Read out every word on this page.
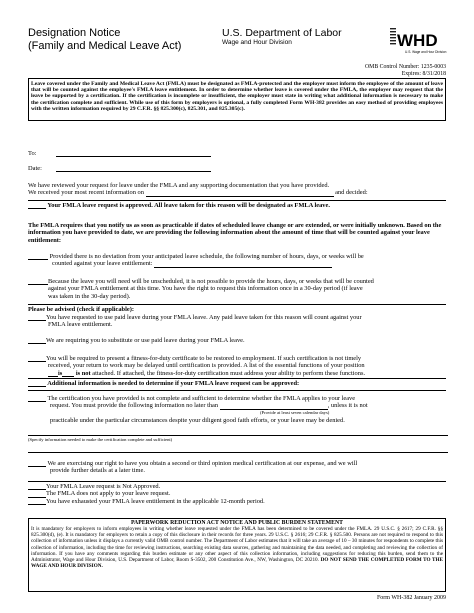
Designation Notice
(Family and Medical Leave Act)
U.S. Department of Labor
Wage and Hour Division	WHD
U.S. Wage and Hour Division
OMB Control Number: 1235-0003
Expires: 8/31/2018
Leave covered under the Family and Medical Leave Act (FMLA) must be designated as FMLA-protected and the employer must inform the employee of the amount of leave that will be counted against the employee's FMLA leave entitlement. In order to determine whether leave is covered under the FMLA, the employer may request that the leave be supported by a certification. If the certification is incomplete or insufficient, the employer must state in writing what additional information is necessary to make the certification complete and sufficient. While use of this form by employers is optional, a fully completed Form WH-382 provides an easy method of providing employees with the written information required by 29 C.F.R. §§ 825.300(c), 825.301, and 825.305(c).
To:
Date:
We have reviewed your request for leave under the FMLA and any supporting documentation that you have provided.
We received your most recent information on	and decided:
Your FMLA leave request is approved. All leave taken for this reason will be designated as FMLA leave.
The FMLA requires that you notify us as soon as practicable if dates of scheduled leave change or are extended, or were initially unknown. Based on the information you have provided to date, we are providing the following information about the amount of time that will be counted against your leave entitlement:
Provided there is no deviation from your anticipated leave schedule, the following number of hours, days, or weeks will be
counted against your leave entitlement:
Because the leave you will need will be unscheduled, it is not possible to provide the hours, days, or weeks that will be counted
against your FMLA entitlement at this time. You have the right to request this information once in a 30-day period (if leave
was taken in the 30-day period).
Please be advised (check if applicable):
You have requested to use paid leave during your FMLA leave. Any paid leave taken for this reason will count against your
FMLA leave entitlement.
We are requiring you to substitute or use paid leave during your FMLA leave.
You will be required to present a fitness-for-duty certificate to be restored to employment. If such certification is not timely
received, your return to work may be delayed until certification is provided. A list of the essential functions of your position
is is not attached. If attached, the fitness-for-duty certification must address your ability to perform these functions.
Additional information is needed to determine if your FMLA leave request can be approved:
The certification you have provided is not complete and sufficient to determine whether the FMLA applies to your leave
request. You must provide the following information no later than	, unless it is not
(Provide at least seven calendar days)
practicable under the particular circumstances despite your diligent good faith efforts, or your leave may be denied.
(Specify information needed to make the certification complete and sufficient)
We are exercising our right to have you obtain a second or third opinion medical certification at our expense, and we will
provide further details at a later time.
Your FMLA Leave request is Not Approved.
The FMLA does not apply to your leave request.
You have exhausted your FMLA leave entitlement in the applicable 12-month period.
PAPERWORK REDUCTION ACT NOTICE AND PUBLIC BURDEN STATEMENT
It is mandatory for employers to inform employees in writing whether leave requested under the FMLA has been determined to be covered under the FMLA. 29 U.S.C. § 2617; 29 C.F.R. §§ 825.300(d), (e). It is mandatory for employers to retain a copy of this disclosure in their records for three years. 29 U.S.C. § 2616; 29 C.F.R. § 825.500. Persons are not required to respond to this collection of information unless it displays a currently valid OMB control number. The Department of Labor estimates that it will take an average of 10 – 30 minutes for respondents to complete this collection of information, including the time for reviewing instructions, searching existing data sources, gathering and maintaining the data needed, and completing and reviewing the collection of information. If you have any comments regarding this burden estimate or any other aspect of this collection information, including suggestions for reducing this burden, send them to the Administrator, Wage and Hour Division, U.S. Department of Labor, Room S-3502, 200 Constitution Ave., NW, Washington, DC 20210. DO NOT SEND THE COMPLETED FORM TO THE WAGE AND HOUR DIVISION.
Form WH-382 January 2009
